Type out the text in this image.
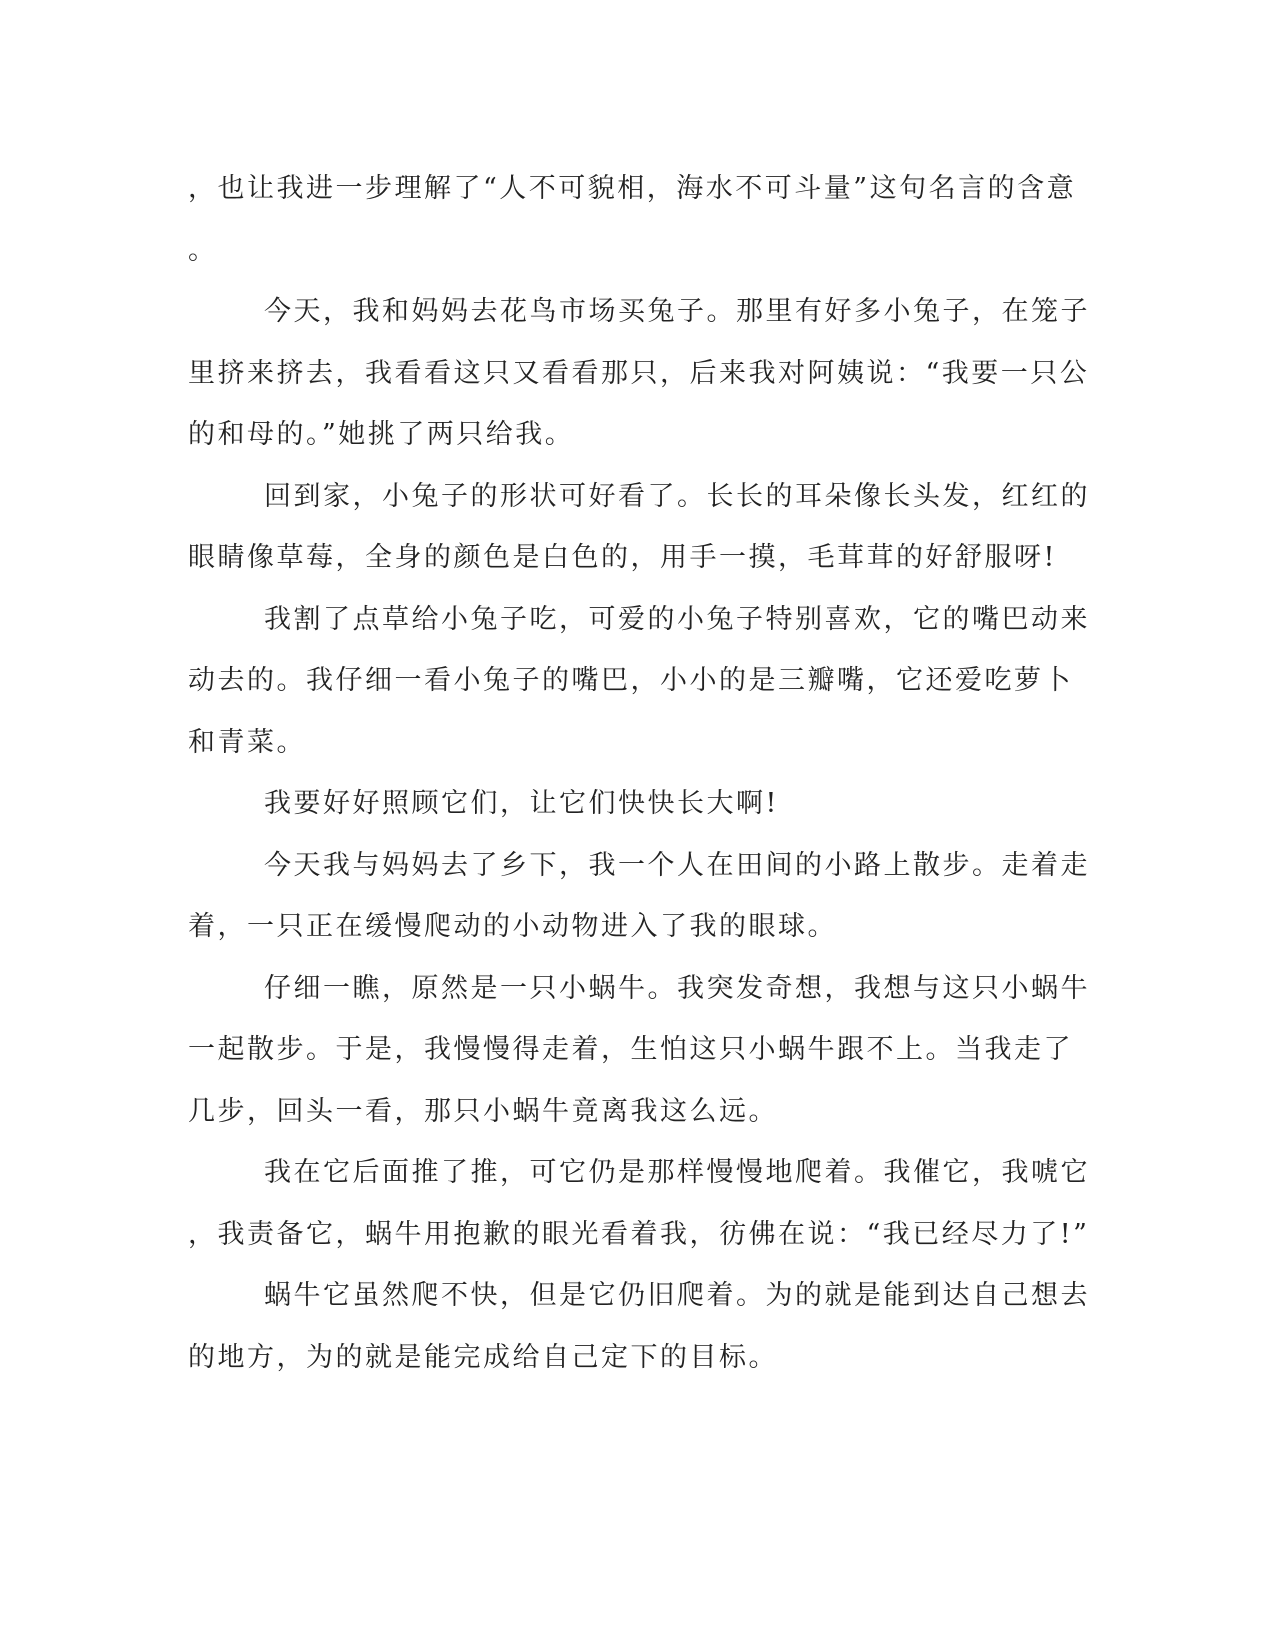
，也让我进一步理解了“人不可貌相，海水不可斗量”这句名言的含意
。
今天，我和妈妈去花鸟市场买兔子。那里有好多小兔子，在笼子
里挤来挤去，我看看这只又看看那只，后来我对阿姨说：“我要一只公
的和母的。”她挑了两只给我。
回到家，小兔子的形状可好看了。长长的耳朵像长头发，红红的
眼睛像草莓，全身的颜色是白色的，用手一摸，毛茸茸的好舒服呀!
我割了点草给小兔子吃，可爱的小兔子特别喜欢，它的嘴巴动来
动去的。我仔细一看小兔子的嘴巴，小小的是三瓣嘴，它还爱吃萝卜
和青菜。
我要好好照顾它们，让它们快快长大啊!
今天我与妈妈去了乡下，我一个人在田间的小路上散步。走着走
着，一只正在缓慢爬动的小动物进入了我的眼球。
仔细一瞧，原然是一只小蜗牛。我突发奇想，我想与这只小蜗牛
一起散步。于是，我慢慢得走着，生怕这只小蜗牛跟不上。当我走了
几步，回头一看，那只小蜗牛竟离我这么远。
我在它后面推了推，可它仍是那样慢慢地爬着。我催它，我唬它
，我责备它，蜗牛用抱歉的眼光看着我，彷佛在说：“我已经尽力了!”
蜗牛它虽然爬不快，但是它仍旧爬着。为的就是能到达自己想去
的地方，为的就是能完成给自己定下的目标。
